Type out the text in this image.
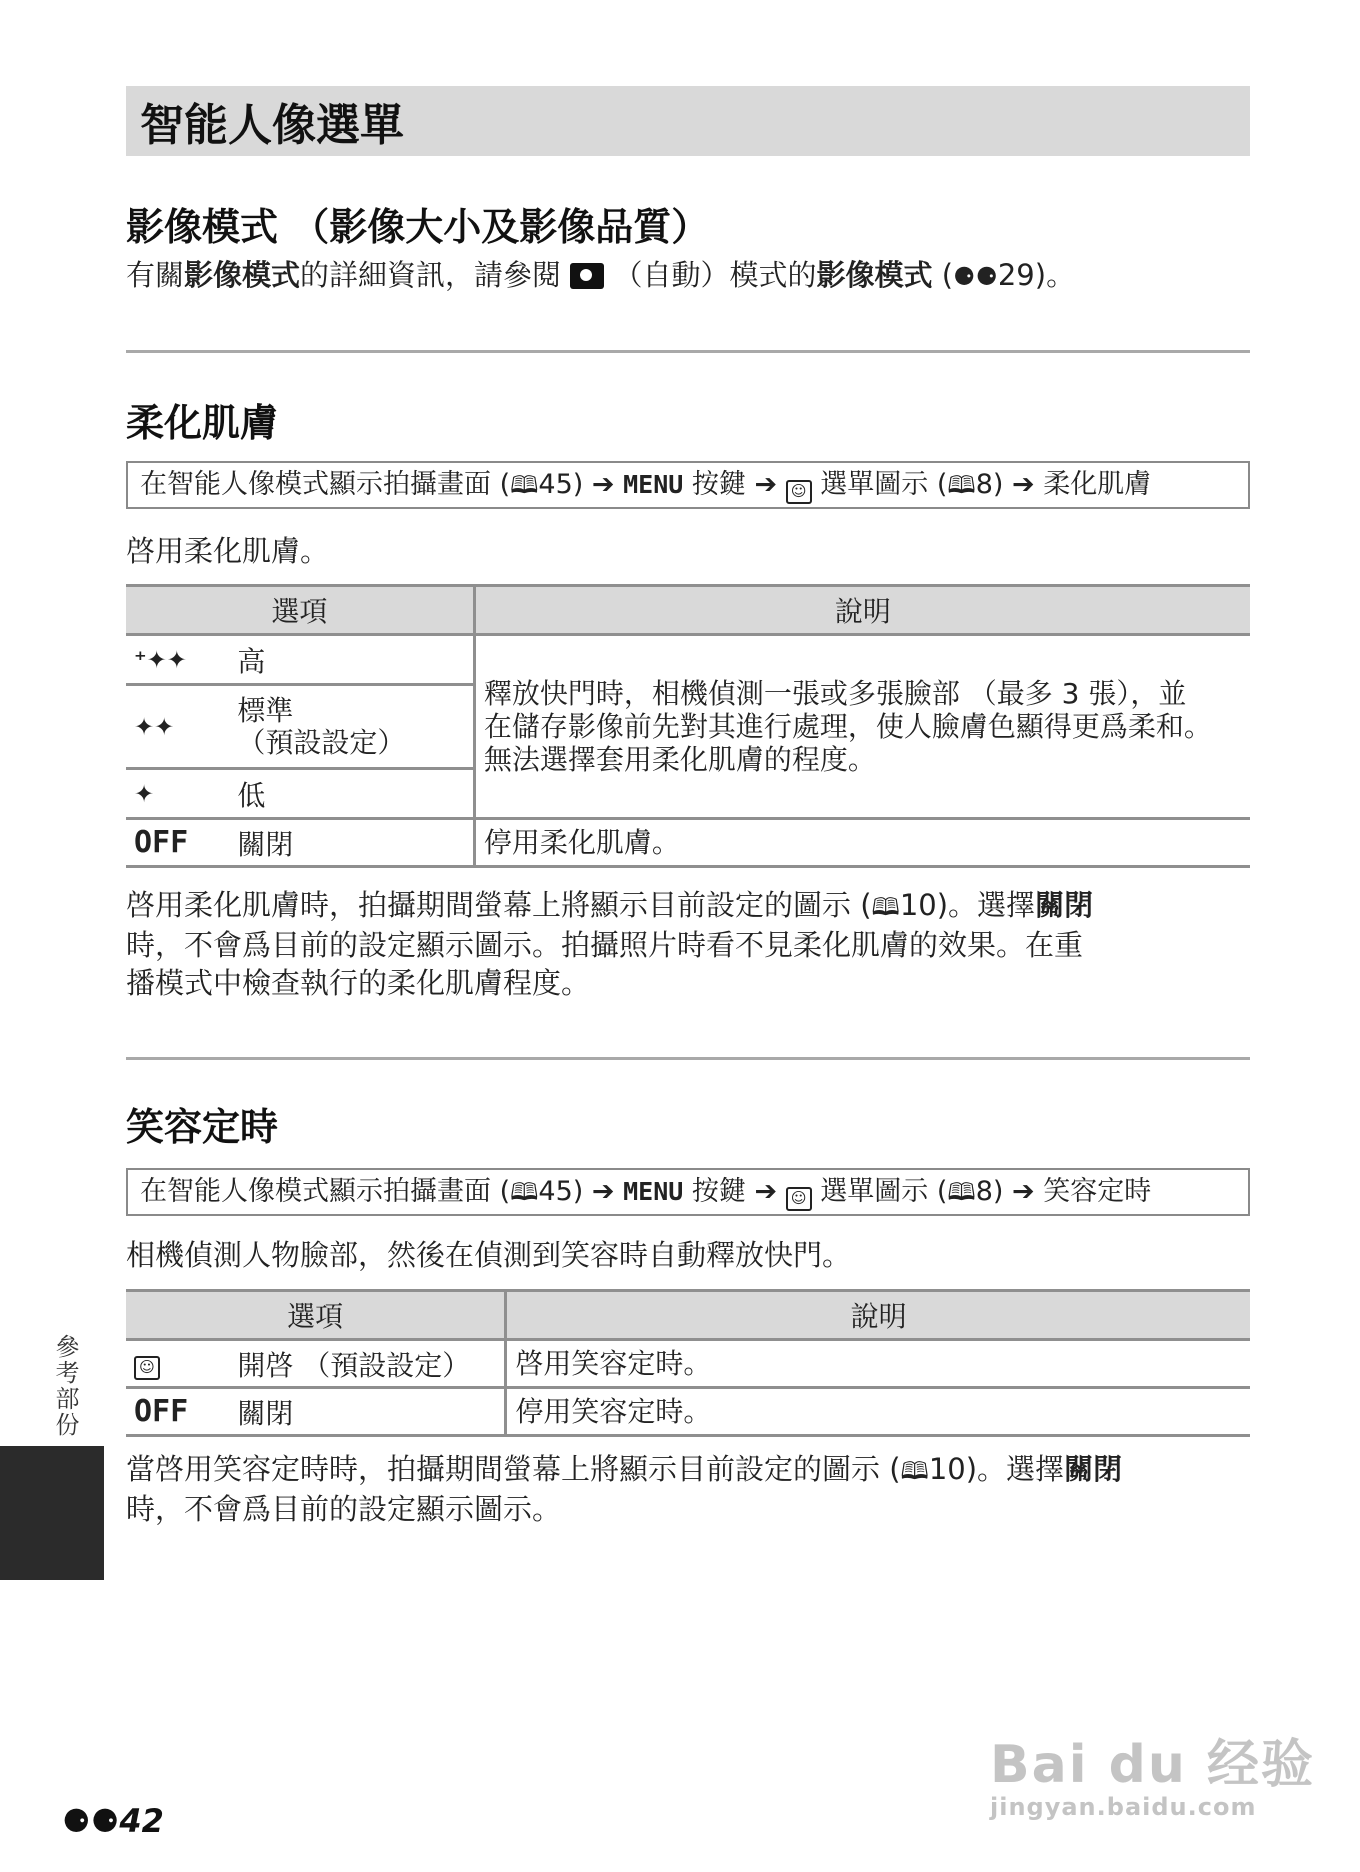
智能人像選單
影像模式 （影像大小及影像品質）

有關影像模式的詳細資訊，請參閱  （自動）模式的影像模式 (⚈⚈29)。

柔化肌膚
在智能人像模式顯示拍攝畫面 (🕮45) ➔ MENU 按鍵 ➔ ☺ 選單圖示 (🕮8) ➔ 柔化肌膚

啓用柔化肌膚。

選項		說明
⁺✦✦	高	釋放快門時，相機偵測一張或多張臉部 （最多 3 張），並
在儲存影像前先對其進行處理，使人臉膚色顯得更爲柔和。
無法選擇套用柔化肌膚的程度。

✦✦	標準
（預設設定）	

✦	低	
OFF	關閉	停用柔化肌膚。
啓用柔化肌膚時，拍攝期間螢幕上將顯示目前設定的圖示 (🕮10)。選擇關閉
時，不會爲目前的設定顯示圖示。拍攝照片時看不見柔化肌膚的效果。在重
播模式中檢查執行的柔化肌膚程度。
笑容定時
在智能人像模式顯示拍攝畫面 (🕮45) ➔ MENU 按鍵 ➔ ☺ 選單圖示 (🕮8) ➔ 笑容定時

相機偵測人物臉部，然後在偵測到笑容時自動釋放快門。

選項		說明
☺	開啓 （預設設定）	啓用笑容定時。
OFF	關閉	停用笑容定時。
當啓用笑容定時時，拍攝期間螢幕上將顯示目前設定的圖示 (🕮10)。選擇關閉
時，不會爲目前的設定顯示圖示。
參考部份
⚈⚈42
Bai du 经验
jingyan.baidu.com
